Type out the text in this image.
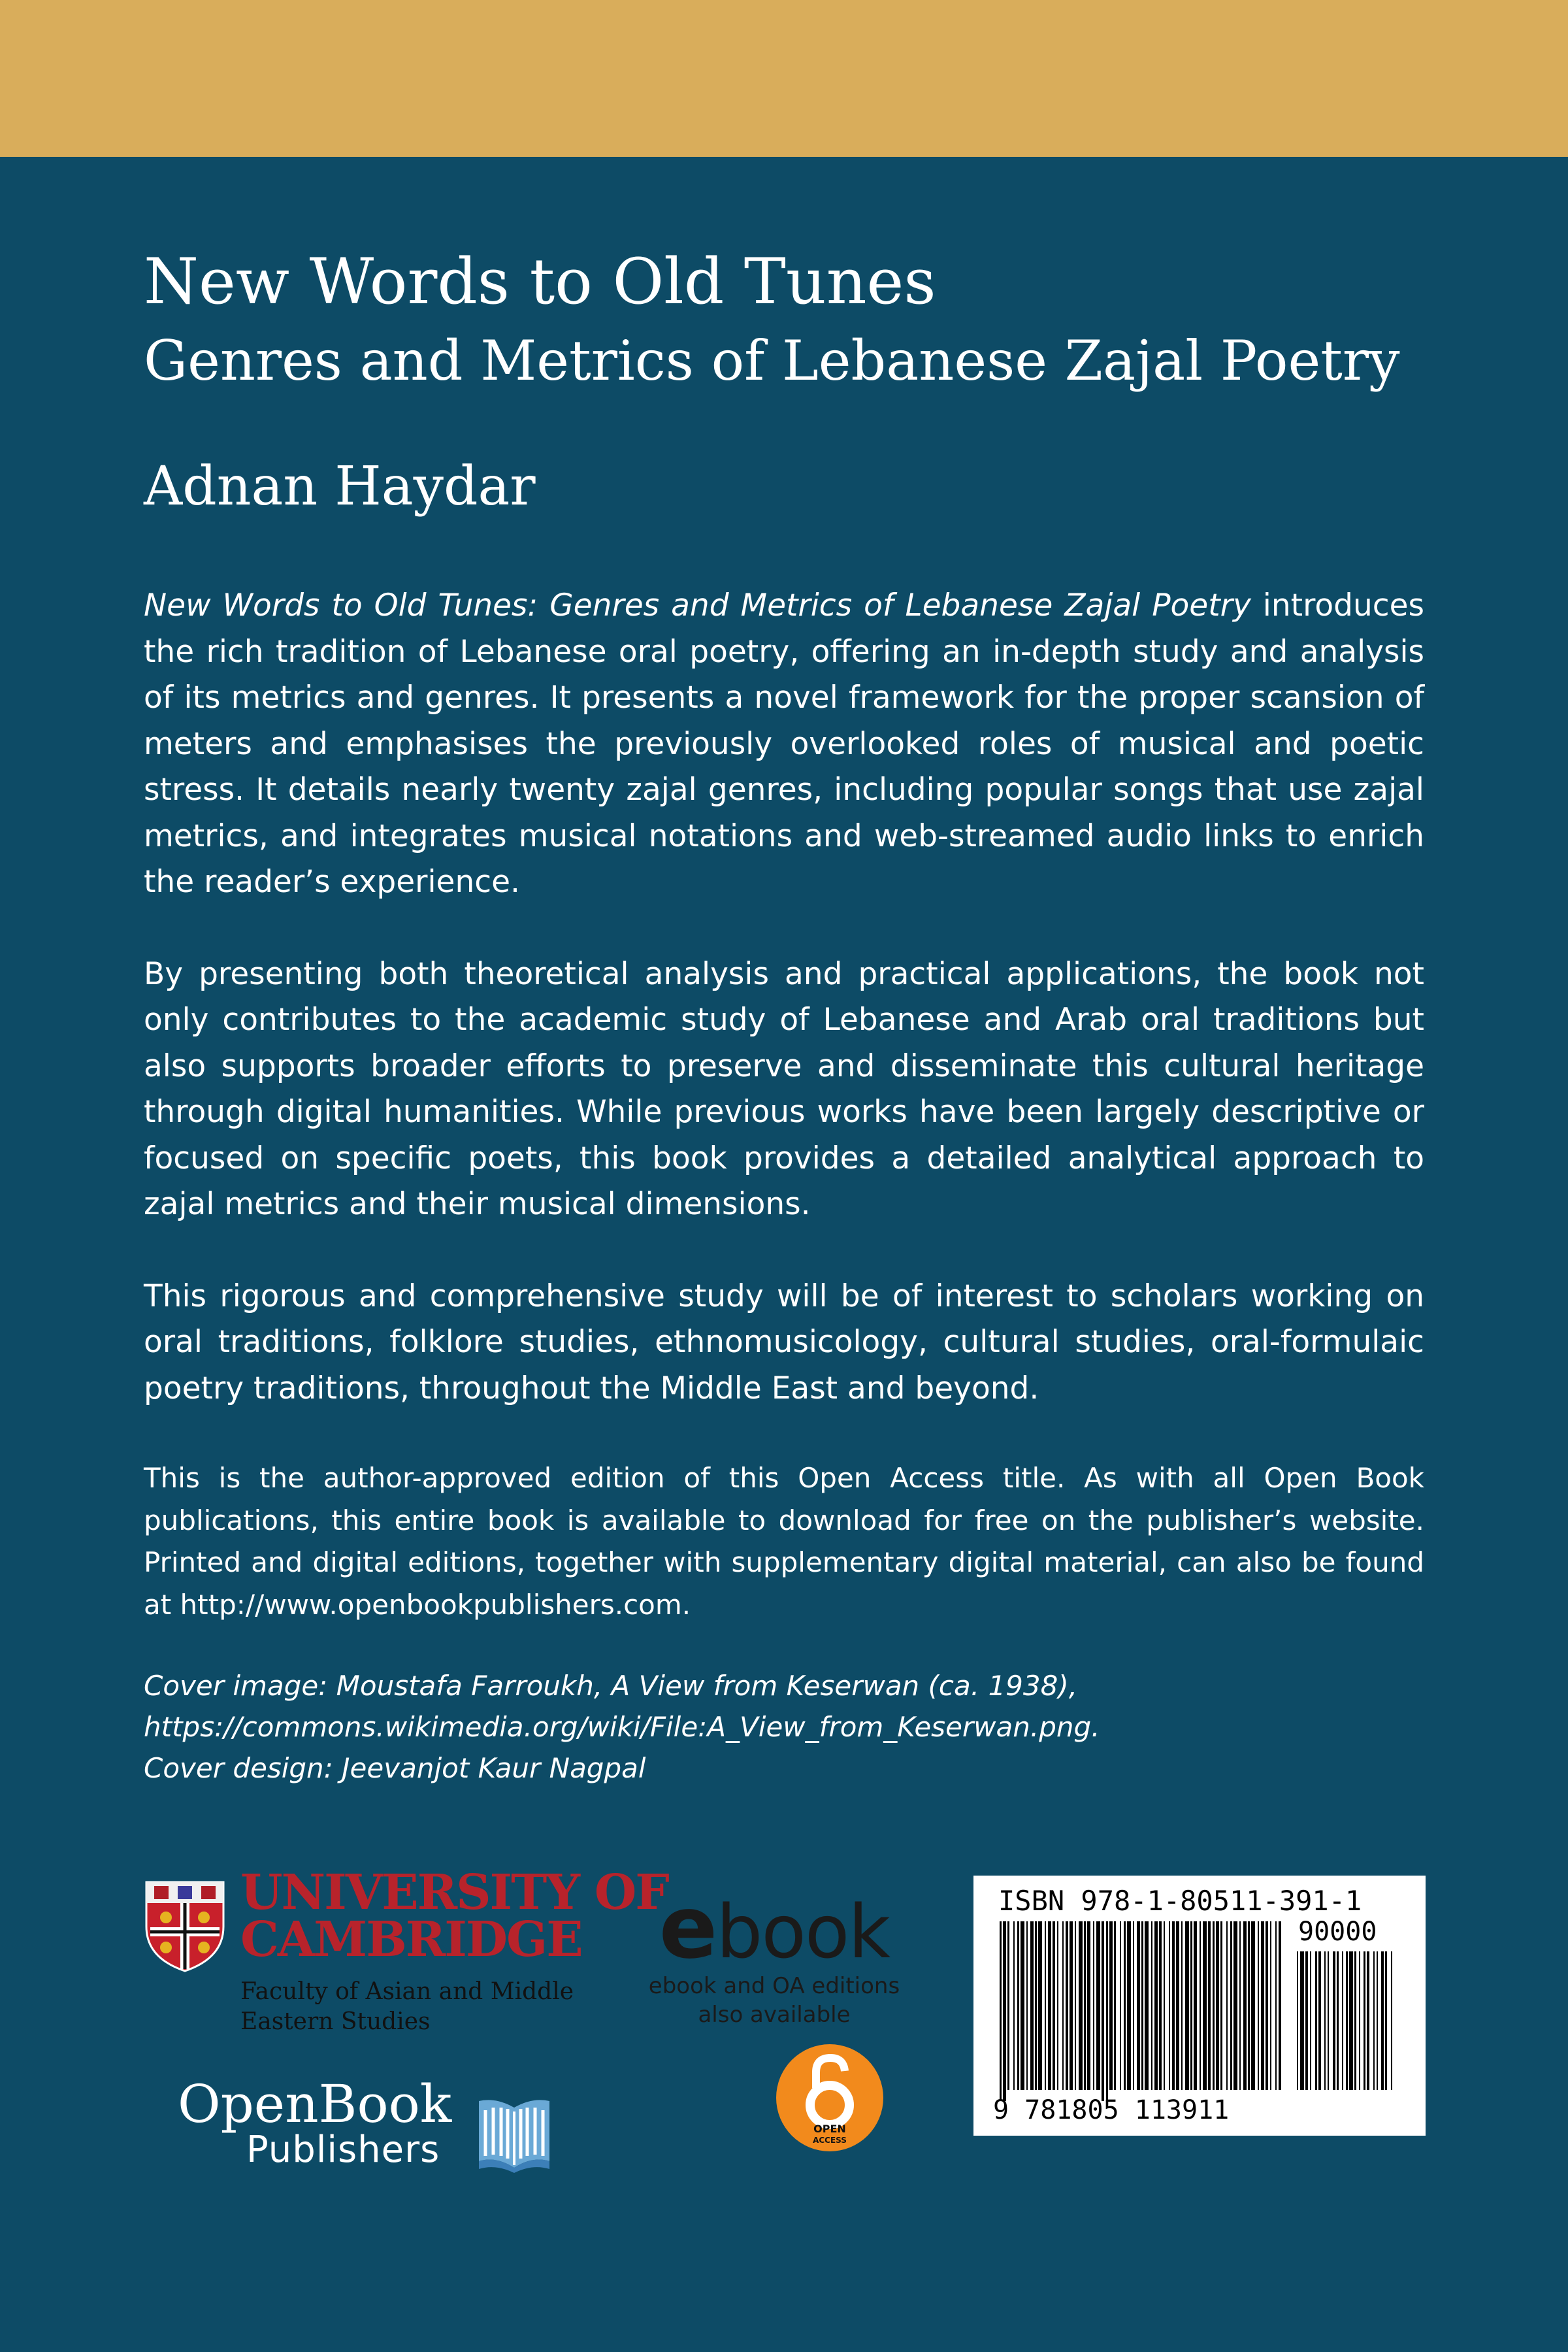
New Words to Old Tunes
Genres and Metrics of Lebanese Zajal Poetry
Adnan Haydar

New Words to Old Tunes: Genres and Metrics of Lebanese Zajal Poetry introduces the rich tradition of Lebanese oral poetry, offering an in-depth study and analysis of its metrics and genres. It presents a novel framework for the proper scansion of meters and emphasises the previously overlooked roles of musical and poetic stress. It details nearly twenty zajal genres, including popular songs that use zajal metrics, and integrates musical notations and web-streamed audio links to enrich the reader’s experience.

By presenting both theoretical analysis and practical applications, the book not only contributes to the academic study of Lebanese and Arab oral traditions but also supports broader efforts to preserve and disseminate this cultural heritage through digital humanities. While previous works have been largely descriptive or focused on specific poets, this book provides a detailed analytical approach to zajal metrics and their musical dimensions.

This rigorous and comprehensive study will be of interest to scholars working on oral traditions, folklore studies, ethnomusicology, cultural studies, oral-formulaic poetry traditions, throughout the Middle East and beyond.

This is the author-approved edition of this Open Access title. As with all Open Book publications, this entire book is available to download for free on the publisher’s website. Printed and digital editions, together with supplementary digital material, can also be found at http://www.openbookpublishers.com.

Cover image: Moustafa Farroukh, A View from Keserwan (ca. 1938),
https://commons.wikimedia.org/wiki/File:A_View_from_Keserwan.png.
Cover design: Jeevanjot Kaur Nagpal

UNIVERSITY OF
CAMBRIDGE

Faculty of Asian and Middle
Eastern Studies

OpenBook

Publishers

ebook

ebook and OA editions
also available

OPEN
ACCESS

ISBN 978-1-80511-391-1

90000

9 781805 113911
